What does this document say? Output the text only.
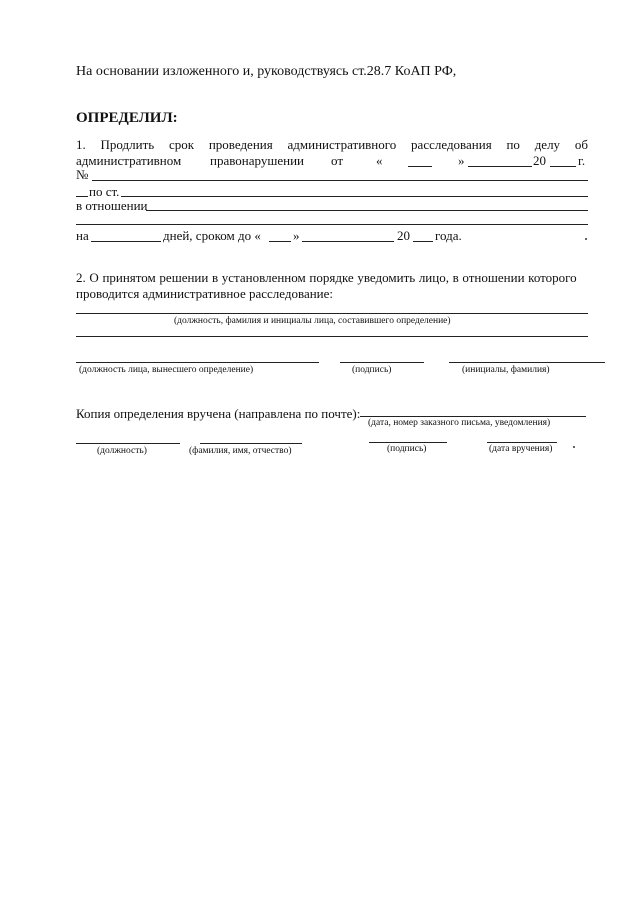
На основании изложенного и, руководствуясь ст.28.7 КоАП РФ,
ОПРЕДЕЛИЛ:
1. Продлить срок проведения административного расследования по делу об
административном правонарушении от	«	»	20 г.
№
по ст.
в отношении
на	дней, сроком до « »	20 года.
2. О принятом решении в установленном порядке уведомить лицо, в отношении которого
проводится административное расследование:
(должность, фамилия и инициалы лица, составившего определение)
(должность лица, вынесшего определение)	(подпись)	(инициалы, фамилия)
Копия определения вручена (направлена по почте):
(дата, номер заказного письма, уведомления)
(должность)	(фамилия, имя, отчество)	(подпись)	(дата вручения)
